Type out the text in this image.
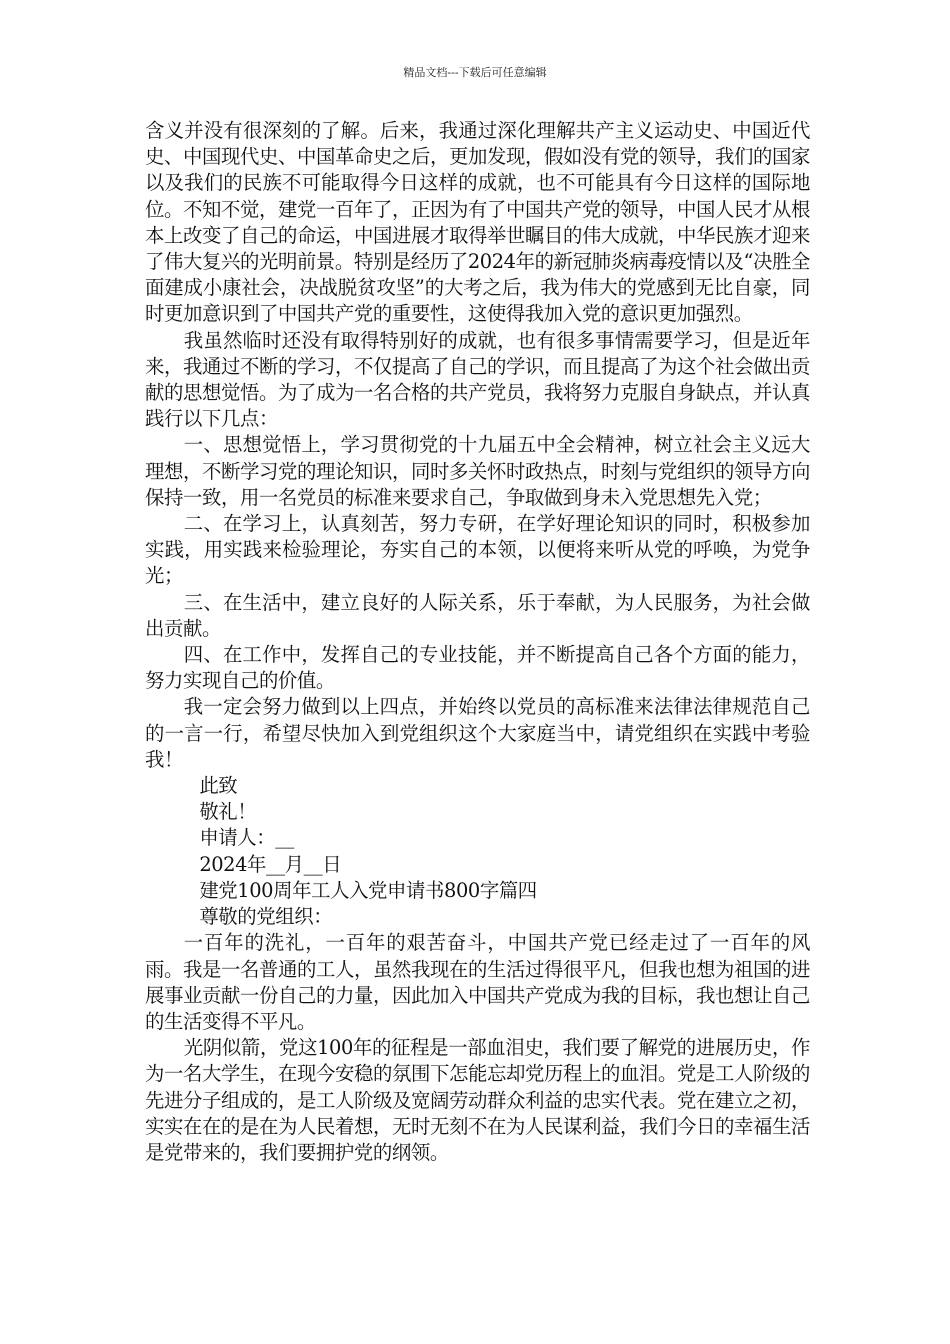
精品文档---下载后可任意编辑

含义并没有很深刻的了解。后来，我通过深化理解共产主义运动史、中国近代史、中国现代史、中国革命史之后，更加发现，假如没有党的领导，我们的国家以及我们的民族不可能取得今日这样的成就，也不可能具有今日这样的国际地位。不知不觉，建党一百年了，正因为有了中国共产党的领导，中国人民才从根本上改变了自己的命运，中国进展才取得举世瞩目的伟大成就，中华民族才迎来了伟大复兴的光明前景。特别是经历了2024年的新冠肺炎病毒疫情以及“决胜全面建成小康社会，决战脱贫攻坚”的大考之后，我为伟大的党感到无比自豪，同时更加意识到了中国共产党的重要性，这使得我加入党的意识更加强烈。

我虽然临时还没有取得特别好的成就，也有很多事情需要学习，但是近年来，我通过不断的学习，不仅提高了自己的学识，而且提高了为这个社会做出贡献的思想觉悟。为了成为一名合格的共产党员，我将努力克服自身缺点，并认真践行以下几点：

一、思想觉悟上，学习贯彻党的十九届五中全会精神，树立社会主义远大理想，不断学习党的理论知识，同时多关怀时政热点，时刻与党组织的领导方向保持一致，用一名党员的标准来要求自己，争取做到身未入党思想先入党；

二、在学习上，认真刻苦，努力专研，在学好理论知识的同时，积极参加实践，用实践来检验理论，夯实自己的本领，以便将来听从党的呼唤，为党争光；

三、在生活中，建立良好的人际关系，乐于奉献，为人民服务，为社会做出贡献。

四、在工作中，发挥自己的专业技能，并不断提高自己各个方面的能力，努力实现自己的价值。

我一定会努力做到以上四点，并始终以党员的高标准来法律法律规范自己的一言一行，希望尽快加入到党组织这个大家庭当中，请党组织在实践中考验我！

此致

敬礼！

申请人：__

2024年__月__日

建党100周年工人入党申请书800字篇四

尊敬的党组织：

一百年的洗礼，一百年的艰苦奋斗，中国共产党已经走过了一百年的风雨。我是一名普通的工人，虽然我现在的生活过得很平凡，但我也想为祖国的进展事业贡献一份自己的力量，因此加入中国共产党成为我的目标，我也想让自己的生活变得不平凡。

光阴似箭，党这100年的征程是一部血泪史，我们要了解党的进展历史，作为一名大学生，在现今安稳的氛围下怎能忘却党历程上的血泪。党是工人阶级的先进分子组成的，是工人阶级及宽阔劳动群众利益的忠实代表。党在建立之初，实实在在的是在为人民着想，无时无刻不在为人民谋利益，我们今日的幸福生活是党带来的，我们要拥护党的纲领。
